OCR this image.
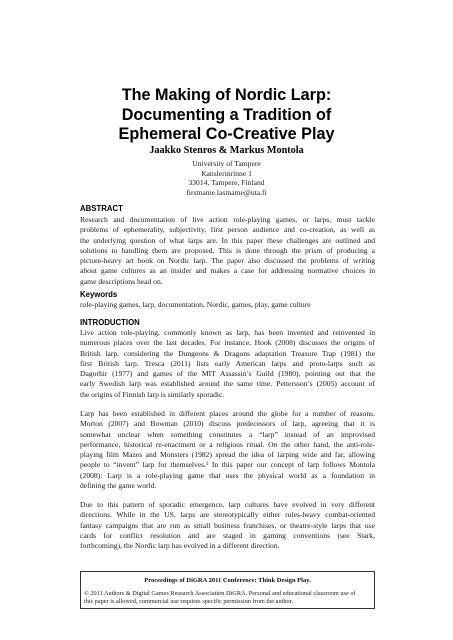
The Making of Nordic Larp:
Documenting a Tradition of
Ephemeral Co-Creative Play
Jaakko Stenros & Markus Montola
University of Tampere
Kanslerinrinne 1
33014, Tampere, Finland
firstname.lastname@uta.fi
ABSTRACT
Research and documentation of live action role-playing games, or larps, must tackle
problems of ephemerality, subjectivity, first person audience and co-creation, as well as
the underlying question of what larps are. In this paper these challenges are outlined and
solutions to handling them are proposed. This is done through the prism of producing a
picture-heavy art book on Nordic larp. The paper also discussed the problems of writing
about game cultures as an insider and makes a case for addressing normative choices in
game descriptions head on.
Keywords
role-playing games, larp, documentation, Nordic, games, play, game culture
INTRODUCTION
Live action role-playing, commonly known as larp, has been invented and reinvented in
numerous places over the last decades. For instance, Hook (2008) discusses the origins of
British larp, considering the Dungeons & Dragons adaptation Treasure Trap (1981) the
first British larp. Tresca (2011) lists early American larps and proto-larps such as
Dagorhir (1977) and games of the MIT Assassin’s Guild (1980), pointing out that the
early Swedish larp was established around the same time. Pettersson’s (2005) account of
the origins of Finnish larp is similarly sporadic.
Larp has been established in different places around the globe for a number of reasons.
Morton (2007) and Bowman (2010) discuss predecessors of larp, agreeing that it is
somewhat unclear when something constitutes a “larp” instead of an improvised
performance, historical re-enactment or a religious ritual. On the other hand, the anti-role-
playing film Mazes and Monsters (1982) spread the idea of larping wide and far, allowing
people to “invent” larp for themselves.¹ In this paper our concept of larp follows Montola
(2008): Larp is a role-playing game that uses the physical world as a foundation in
defining the game world.
Due to this pattern of sporadic emergence, larp cultures have evolved in very different
directions. While in the US, larps are stereotypically either rules-heavy combat-oriented
fantasy campaigns that are run as small business franchises, or theatre-style larps that use
cards for conflict resolution and are staged in gaming conventions (see Stark,
forthcoming), the Nordic larp has evolved in a different direction.
Proceedings of DiGRA 2011 Conference: Think Design Play.
© 2011 Authors & Digital Games Research Association DiGRA. Personal and educational classroom use of
this paper is allowed, commercial use requires specific permission from the author.
